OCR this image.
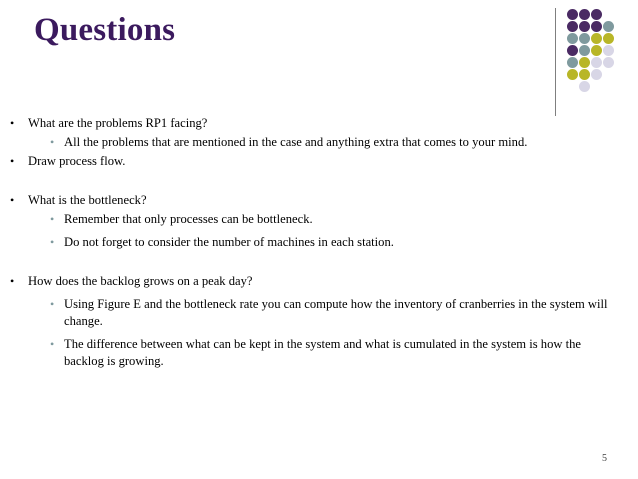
Questions
• What are the problems RP1 facing?
• All the problems that are mentioned in the case and anything extra that comes to your mind.
• Draw process flow.
• What is the bottleneck?
• Remember that only processes can be bottleneck.
• Do not forget to consider the number of machines in each station.
• How does the backlog grows on a peak day?
• Using Figure E and the bottleneck rate you can compute how the inventory of cranberries in the system will change.
• The difference between what can be kept in the system and what is cumulated in the system is how the backlog is growing.
5
